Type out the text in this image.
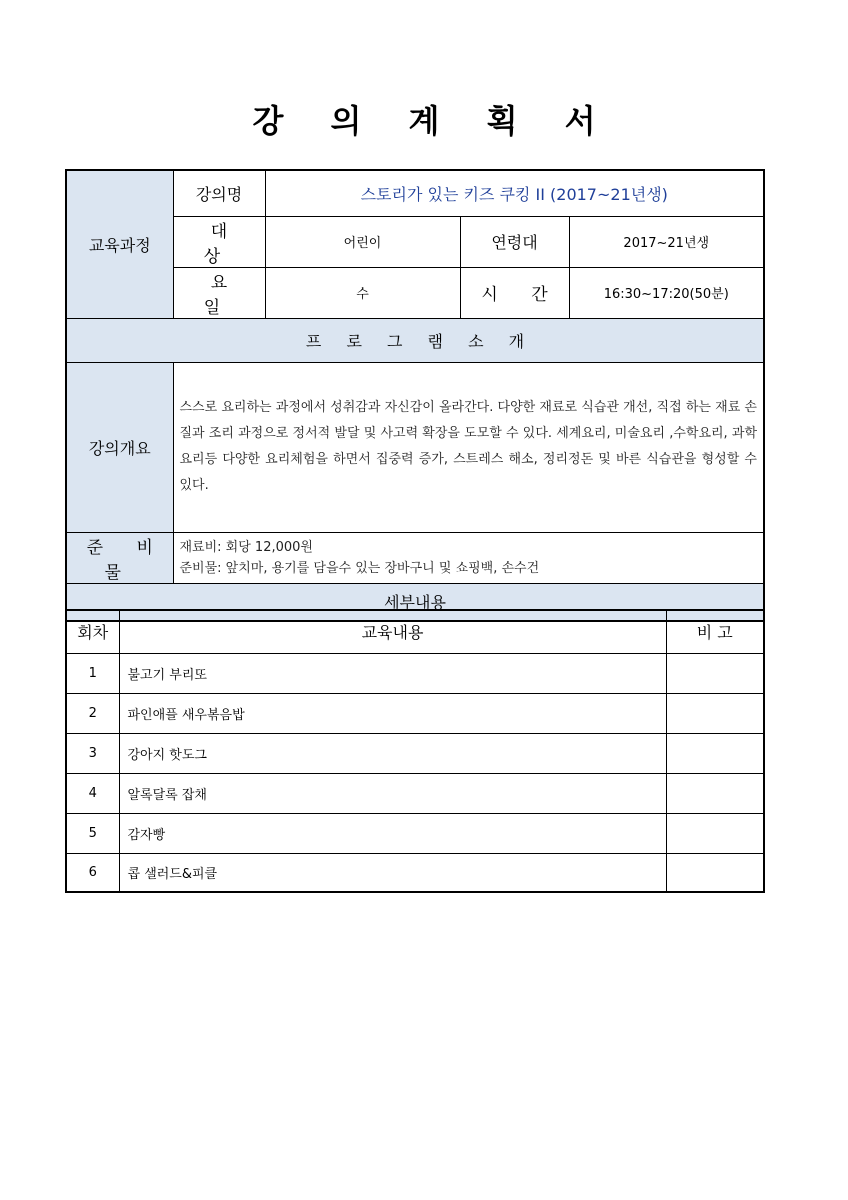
강 의 계 획 서
교육과정	강의명	스토리가 있는 키즈 쿠킹 II (2017~21년생)		
	대 상	어린이	연령대	2017~21년생
	요 일	수	시 간	16:30~17:20(50분)
프 로 그 램 소 개				
강의개요	스스로 요리하는 과정에서 성취감과 자신감이 올라간다. 다양한 재료로 식습관 개선, 직접 하는 재료 손질과 조리 과정으로 정서적 발달 및 사고력 확장을 도모할 수 있다. 세계요리, 미술요리 ,수학요리, 과학요리등 다양한 요리체험을 하면서 집중력 증가, 스트레스 해소, 정리정돈 및 바른 식습관을 형성할 수 있다.			
준 비 물	재료비: 회당 12,000원
준비물: 앞치마, 용기를 담을수 있는 장바구니 및 쇼핑백, 손수건			

세부내용				
회차	교육내용	비 고
1	불고기 부리또	
2	파인애플 새우볶음밥	
3	강아지 핫도그	
4	알록달록 잡채	
5	감자빵	
6	콥 샐러드&피클	
